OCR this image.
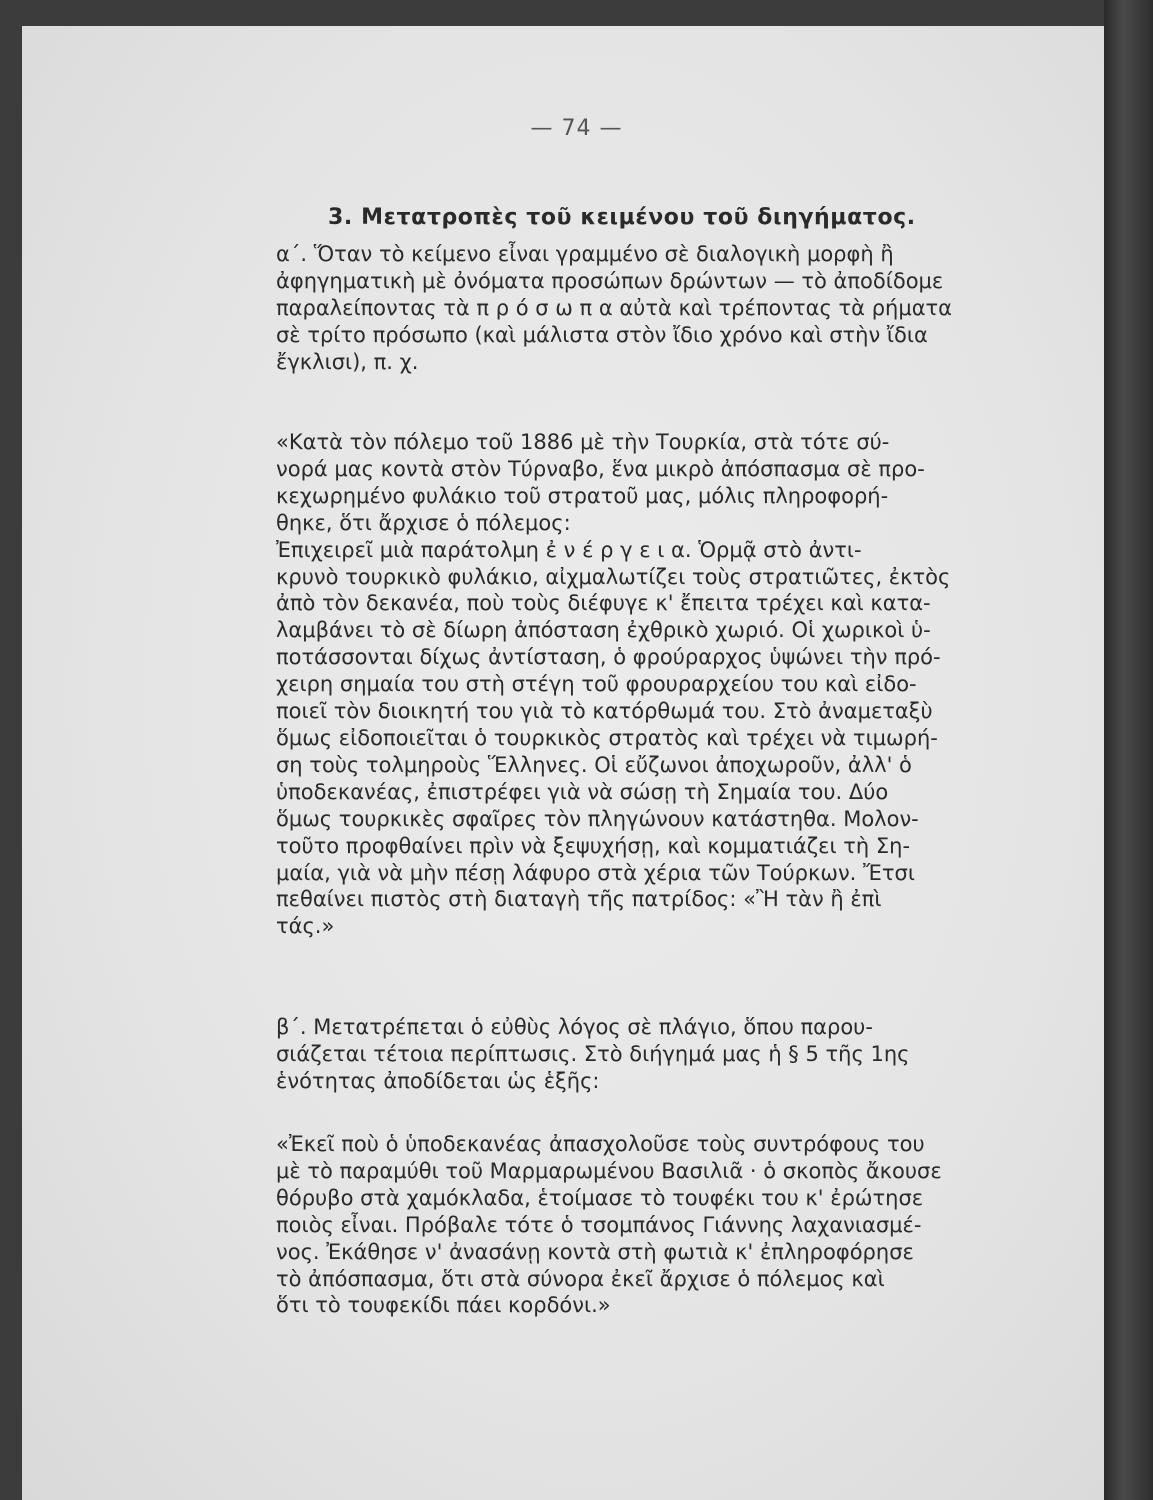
— 74 —
3. Μετατροπὲς τοῦ κειμένου τοῦ διηγήματος.
α΄. Ὅταν τὸ κείμενο εἶναι γραμμένο σὲ διαλογικὴ μορφὴ ἢ
ἀφηγηματικὴ μὲ ὀνόματα προσώπων δρώντων — τὸ ἀποδίδομε
παραλείποντας τὰ π ρ ό σ ω π α αὐτὰ καὶ τρέποντας τὰ ρήματα
σὲ τρίτο πρόσωπο (καὶ μάλιστα στὸν ἴδιο χρόνο καὶ στὴν ἴδια
ἔγκλισι), π. χ.
«Κατὰ τὸν πόλεμο τοῦ 1886 μὲ τὴν Τουρκία, στὰ τότε σύ-
νορά μας κοντὰ στὸν Τύρναβο, ἕνα μικρὸ ἀπόσπασμα σὲ προ-
κεχωρημένο φυλάκιο τοῦ στρατοῦ μας, μόλις πληροφορή-
θηκε, ὅτι ἄρχισε ὁ πόλεμος:
Ἐπιχειρεῖ μιὰ παράτολμη ἐ ν έ ρ γ ε ι α. Ὁρμᾷ στὸ ἀντι-
κρυνὸ τουρκικὸ φυλάκιο, αἰχμαλωτίζει τοὺς στρατιῶτες, ἐκτὸς
ἀπὸ τὸν δεκανέα, ποὺ τοὺς διέφυγε κ' ἔπειτα τρέχει καὶ κατα-
λαμβάνει τὸ σὲ δίωρη ἀπόσταση ἐχθρικὸ χωριό. Οἱ χωρικοὶ ὑ-
ποτάσσονται δίχως ἀντίσταση, ὁ φρούραρχος ὑψώνει τὴν πρό-
χειρη σημαία του στὴ στέγη τοῦ φρουραρχείου του καὶ εἰδο-
ποιεῖ τὸν διοικητή του γιὰ τὸ κατόρθωμά του. Στὸ ἀναμεταξὺ
ὅμως εἰδοποιεῖται ὁ τουρκικὸς στρατὸς καὶ τρέχει νὰ τιμωρή-
ση τοὺς τολμηροὺς Ἕλληνες. Οἱ εὔζωνοι ἀποχωροῦν, ἀλλ' ὁ
ὑποδεκανέας, ἐπιστρέφει γιὰ νὰ σώσῃ τὴ Σημαία του. Δύο
ὅμως τουρκικὲς σφαῖρες τὸν πληγώνουν κατάστηθα. Μολον-
τοῦτο προφθαίνει πρὶν νὰ ξεψυχήσῃ, καὶ κομματιάζει τὴ Ση-
μαία, γιὰ νὰ μὴν πέσῃ λάφυρο στὰ χέρια τῶν Τούρκων. Ἔτσι
πεθαίνει πιστὸς στὴ διαταγὴ τῆς πατρίδος: «Ἢ τὰν ἢ ἐπὶ
τάς.»
β΄. Μετατρέπεται ὁ εὐθὺς λόγος σὲ πλάγιο, ὅπου παρου-
σιάζεται τέτοια περίπτωσις. Στὸ διήγημά μας ἡ § 5 τῆς 1ης
ἑνότητας ἀποδίδεται ὡς ἑξῆς:
«Ἐκεῖ ποὺ ὁ ὑποδεκανέας ἀπασχολοῦσε τοὺς συντρόφους του
μὲ τὸ παραμύθι τοῦ Μαρμαρωμένου Βασιλιᾶ · ὁ σκοπὸς ἄκουσε
θόρυβο στὰ χαμόκλαδα, ἑτοίμασε τὸ τουφέκι του κ' ἐρώτησε
ποιὸς εἶναι. Πρόβαλε τότε ὁ τσομπάνος Γιάννης λαχανιασμέ-
νος. Ἐκάθησε ν' ἀνασάνῃ κοντὰ στὴ φωτιὰ κ' ἐπληροφόρησε
τὸ ἀπόσπασμα, ὅτι στὰ σύνορα ἐκεῖ ἄρχισε ὁ πόλεμος καὶ
ὅτι τὸ τουφεκίδι πάει κορδόνι.»
